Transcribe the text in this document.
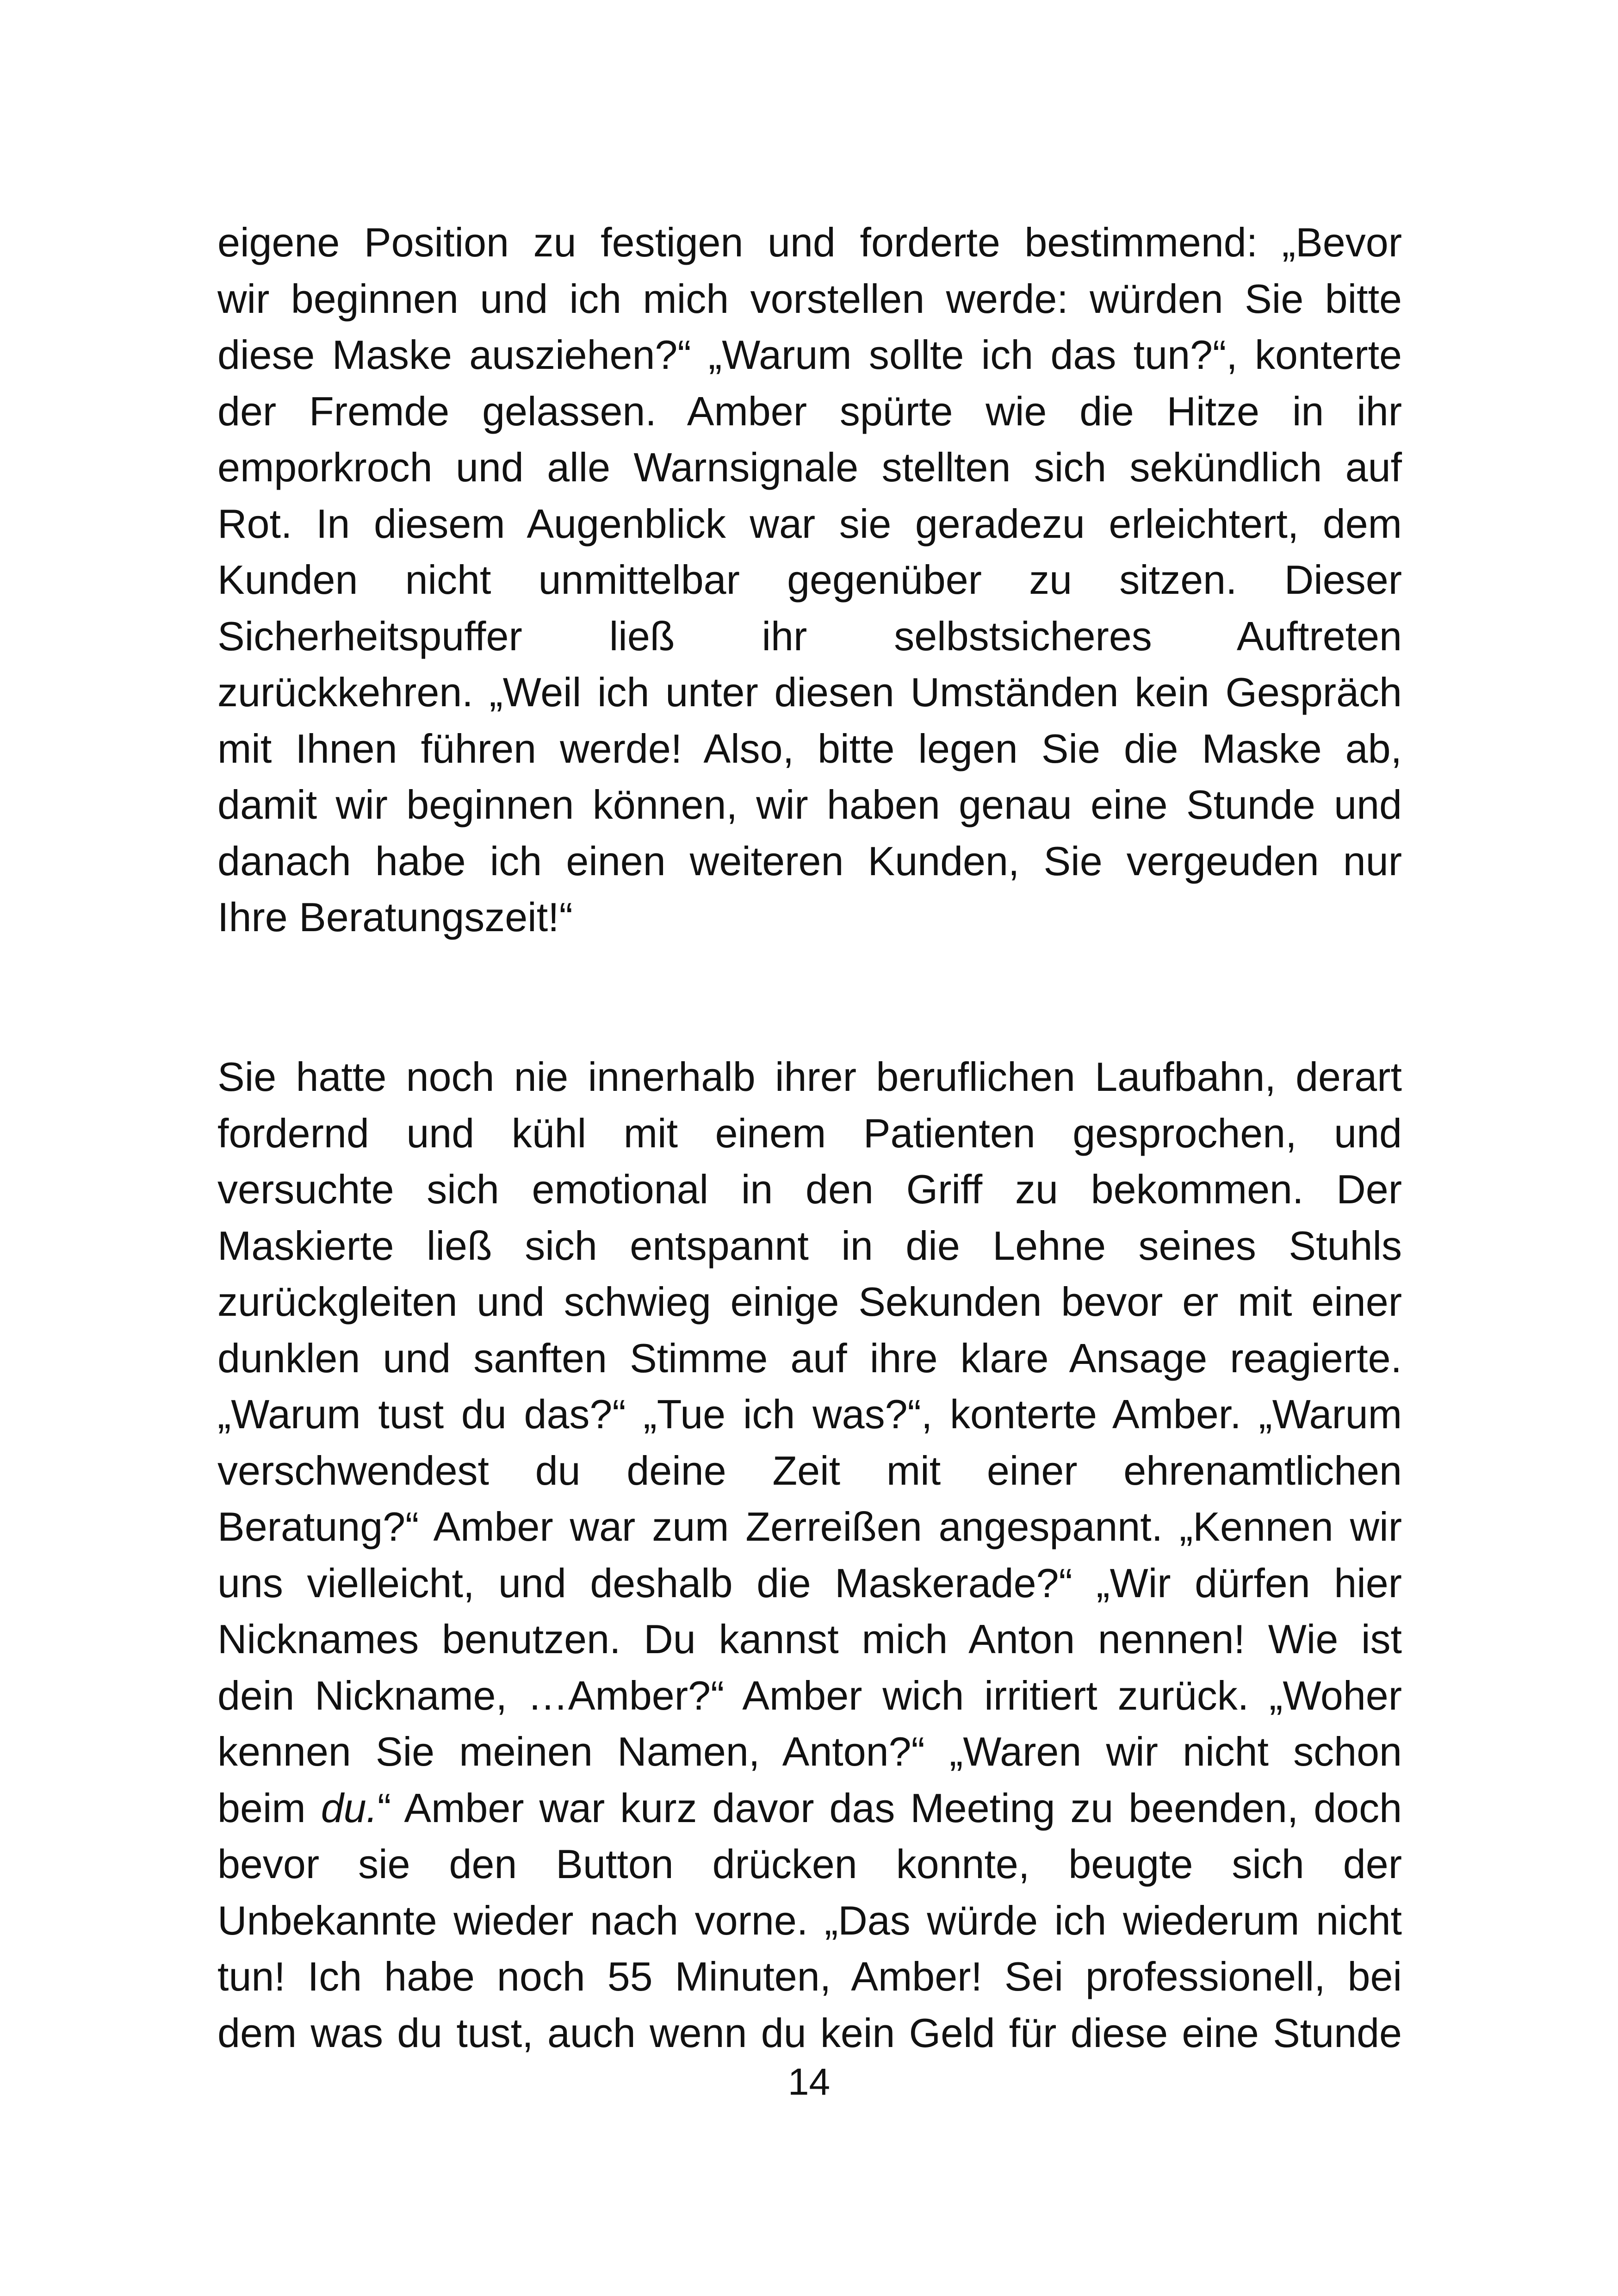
eigene Position zu festigen und forderte bestimmend: „Bevor
wir beginnen und ich mich vorstellen werde: würden Sie bitte
diese Maske ausziehen?“ „Warum sollte ich das tun?“, konterte
der Fremde gelassen. Amber spürte wie die Hitze in ihr
emporkroch und alle Warnsignale stellten sich sekündlich auf
Rot. In diesem Augenblick war sie geradezu erleichtert, dem
Kunden nicht unmittelbar gegenüber zu sitzen. Dieser
Sicherheitspuffer ließ ihr selbstsicheres Auftreten
zurückkehren. „Weil ich unter diesen Umständen kein Gespräch
mit Ihnen führen werde! Also, bitte legen Sie die Maske ab,
damit wir beginnen können, wir haben genau eine Stunde und
danach habe ich einen weiteren Kunden, Sie vergeuden nur
Ihre Beratungszeit!“
Sie hatte noch nie innerhalb ihrer beruflichen Laufbahn, derart
fordernd und kühl mit einem Patienten gesprochen, und
versuchte sich emotional in den Griff zu bekommen. Der
Maskierte ließ sich entspannt in die Lehne seines Stuhls
zurückgleiten und schwieg einige Sekunden bevor er mit einer
dunklen und sanften Stimme auf ihre klare Ansage reagierte.
„Warum tust du das?“ „Tue ich was?“, konterte Amber. „Warum
verschwendest du deine Zeit mit einer ehrenamtlichen
Beratung?“ Amber war zum Zerreißen angespannt. „Kennen wir
uns vielleicht, und deshalb die Maskerade?“ „Wir dürfen hier
Nicknames benutzen. Du kannst mich Anton nennen! Wie ist
dein Nickname, …Amber?“ Amber wich irritiert zurück. „Woher
kennen Sie meinen Namen, Anton?“ „Waren wir nicht schon
beim du.“ Amber war kurz davor das Meeting zu beenden, doch
bevor sie den Button drücken konnte, beugte sich der
Unbekannte wieder nach vorne. „Das würde ich wiederum nicht
tun! Ich habe noch 55 Minuten, Amber! Sei professionell, bei
dem was du tust, auch wenn du kein Geld für diese eine Stunde
14
